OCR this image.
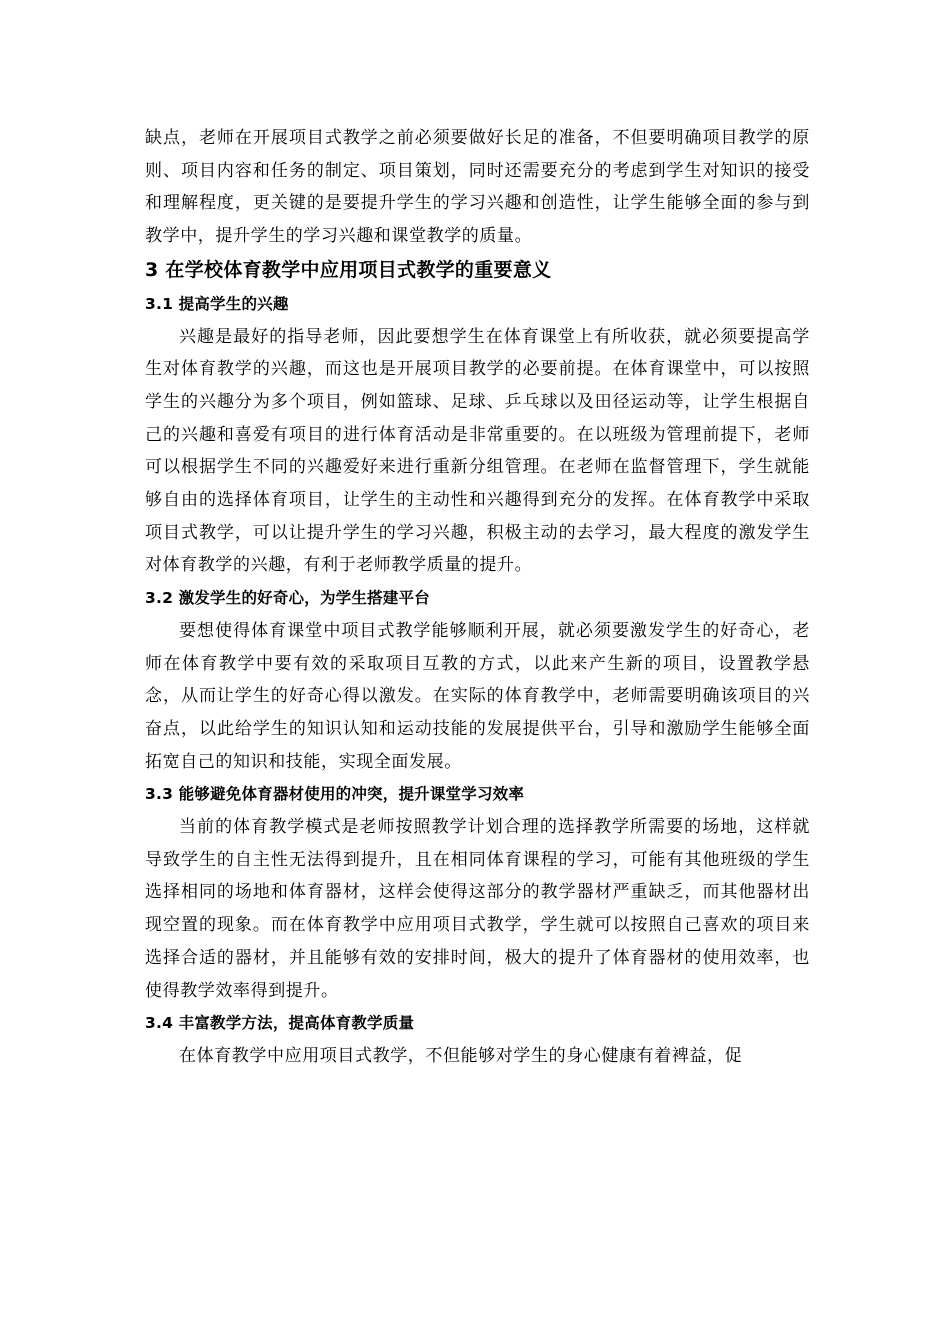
缺点，老师在开展项目式教学之前必须要做好长足的准备，不但要明确项目教学的原则、项目内容和任务的制定、项目策划，同时还需要充分的考虑到学生对知识的接受和理解程度，更关键的是要提升学生的学习兴趣和创造性，让学生能够全面的参与到教学中，提升学生的学习兴趣和课堂教学的质量。

3 在学校体育教学中应用项目式教学的重要意义
3.1 提高学生的兴趣

兴趣是最好的指导老师，因此要想学生在体育课堂上有所收获，就必须要提高学生对体育教学的兴趣，而这也是开展项目教学的必要前提。在体育课堂中，可以按照学生的兴趣分为多个项目，例如篮球、足球、乒乓球以及田径运动等，让学生根据自己的兴趣和喜爱有项目的进行体育活动是非常重要的。在以班级为管理前提下，老师可以根据学生不同的兴趣爱好来进行重新分组管理。在老师在监督管理下，学生就能够自由的选择体育项目，让学生的主动性和兴趣得到充分的发挥。在体育教学中采取项目式教学，可以让提升学生的学习兴趣，积极主动的去学习，最大程度的激发学生对体育教学的兴趣，有利于老师教学质量的提升。

3.2 激发学生的好奇心，为学生搭建平台

要想使得体育课堂中项目式教学能够顺利开展，就必须要激发学生的好奇心，老师在体育教学中要有效的采取项目互教的方式，以此来产生新的项目，设置教学悬念，从而让学生的好奇心得以激发。在实际的体育教学中，老师需要明确该项目的兴奋点，以此给学生的知识认知和运动技能的发展提供平台，引导和激励学生能够全面拓宽自己的知识和技能，实现全面发展。

3.3 能够避免体育器材使用的冲突，提升课堂学习效率

当前的体育教学模式是老师按照教学计划合理的选择教学所需要的场地，这样就导致学生的自主性无法得到提升，且在相同体育课程的学习，可能有其他班级的学生选择相同的场地和体育器材，这样会使得这部分的教学器材严重缺乏，而其他器材出现空置的现象。而在体育教学中应用项目式教学，学生就可以按照自己喜欢的项目来选择合适的器材，并且能够有效的安排时间，极大的提升了体育器材的使用效率，也使得教学效率得到提升。

3.4 丰富教学方法，提高体育教学质量

在体育教学中应用项目式教学，不但能够对学生的身心健康有着裨益，促
